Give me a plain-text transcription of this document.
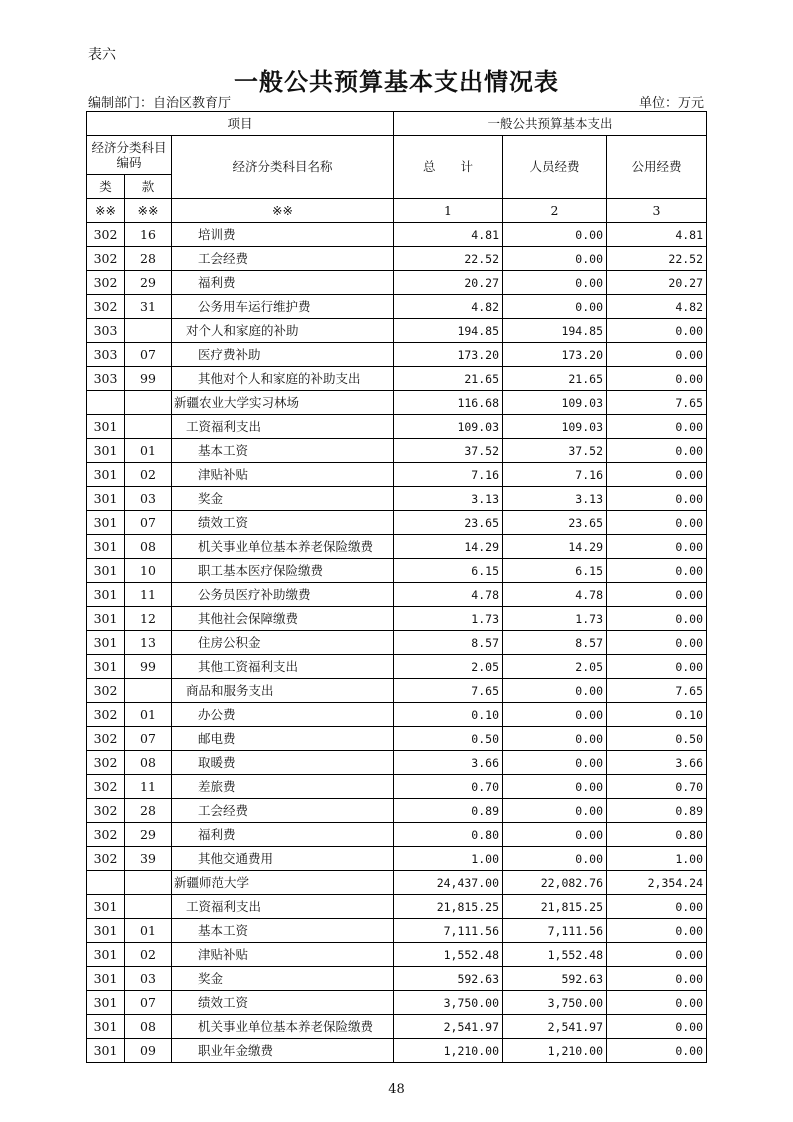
表六
一般公共预算基本支出情况表
编制部门：自治区教育厅	单位：万元
项目			一般公共预算基本支出		
经济分类科目编码		经济分类科目名称	总　　计	人员经费	公用经费
类	款				
※※	※※	※※	1	2	3
302	16	培训费	4.81	0.00	4.81
302	28	工会经费	22.52	0.00	22.52
302	29	福利费	20.27	0.00	20.27
302	31	公务用车运行维护费	4.82	0.00	4.82
303		对个人和家庭的补助	194.85	194.85	0.00
303	07	医疗费补助	173.20	173.20	0.00
303	99	其他对个人和家庭的补助支出	21.65	21.65	0.00
		新疆农业大学实习林场	116.68	109.03	7.65
301		工资福利支出	109.03	109.03	0.00
301	01	基本工资	37.52	37.52	0.00
301	02	津贴补贴	7.16	7.16	0.00
301	03	奖金	3.13	3.13	0.00
301	07	绩效工资	23.65	23.65	0.00
301	08	机关事业单位基本养老保险缴费	14.29	14.29	0.00
301	10	职工基本医疗保险缴费	6.15	6.15	0.00
301	11	公务员医疗补助缴费	4.78	4.78	0.00
301	12	其他社会保障缴费	1.73	1.73	0.00
301	13	住房公积金	8.57	8.57	0.00
301	99	其他工资福利支出	2.05	2.05	0.00
302		商品和服务支出	7.65	0.00	7.65
302	01	办公费	0.10	0.00	0.10
302	07	邮电费	0.50	0.00	0.50
302	08	取暖费	3.66	0.00	3.66
302	11	差旅费	0.70	0.00	0.70
302	28	工会经费	0.89	0.00	0.89
302	29	福利费	0.80	0.00	0.80
302	39	其他交通费用	1.00	0.00	1.00
		新疆师范大学	24,437.00	22,082.76	2,354.24
301		工资福利支出	21,815.25	21,815.25	0.00
301	01	基本工资	7,111.56	7,111.56	0.00
301	02	津贴补贴	1,552.48	1,552.48	0.00
301	03	奖金	592.63	592.63	0.00
301	07	绩效工资	3,750.00	3,750.00	0.00
301	08	机关事业单位基本养老保险缴费	2,541.97	2,541.97	0.00
301	09	职业年金缴费	1,210.00	1,210.00	0.00
48
